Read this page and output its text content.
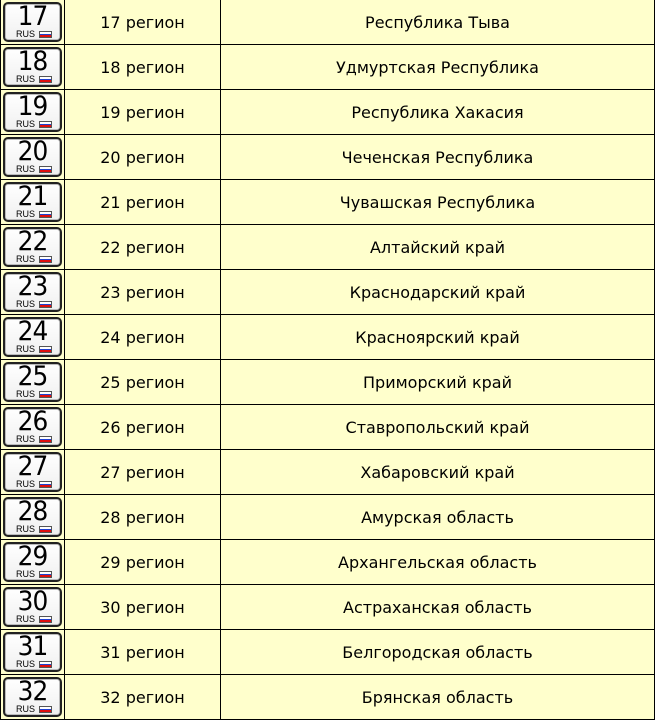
17
RUS	17 регион	Республика Тыва

18
RUS	18 регион	Удмуртская Республика

19
RUS	19 регион	Республика Хакасия

20
RUS	20 регион	Чеченская Республика

21
RUS	21 регион	Чувашская Республика

22
RUS	22 регион	Алтайский край

23
RUS	23 регион	Краснодарский край

24
RUS	24 регион	Красноярский край

25
RUS	25 регион	Приморский край

26
RUS	26 регион	Ставропольский край

27
RUS	27 регион	Хабаровский край

28
RUS	28 регион	Амурская область

29
RUS	29 регион	Архангельская область

30
RUS	30 регион	Астраханская область

31
RUS	31 регион	Белгородская область

32
RUS	32 регион	Брянская область
